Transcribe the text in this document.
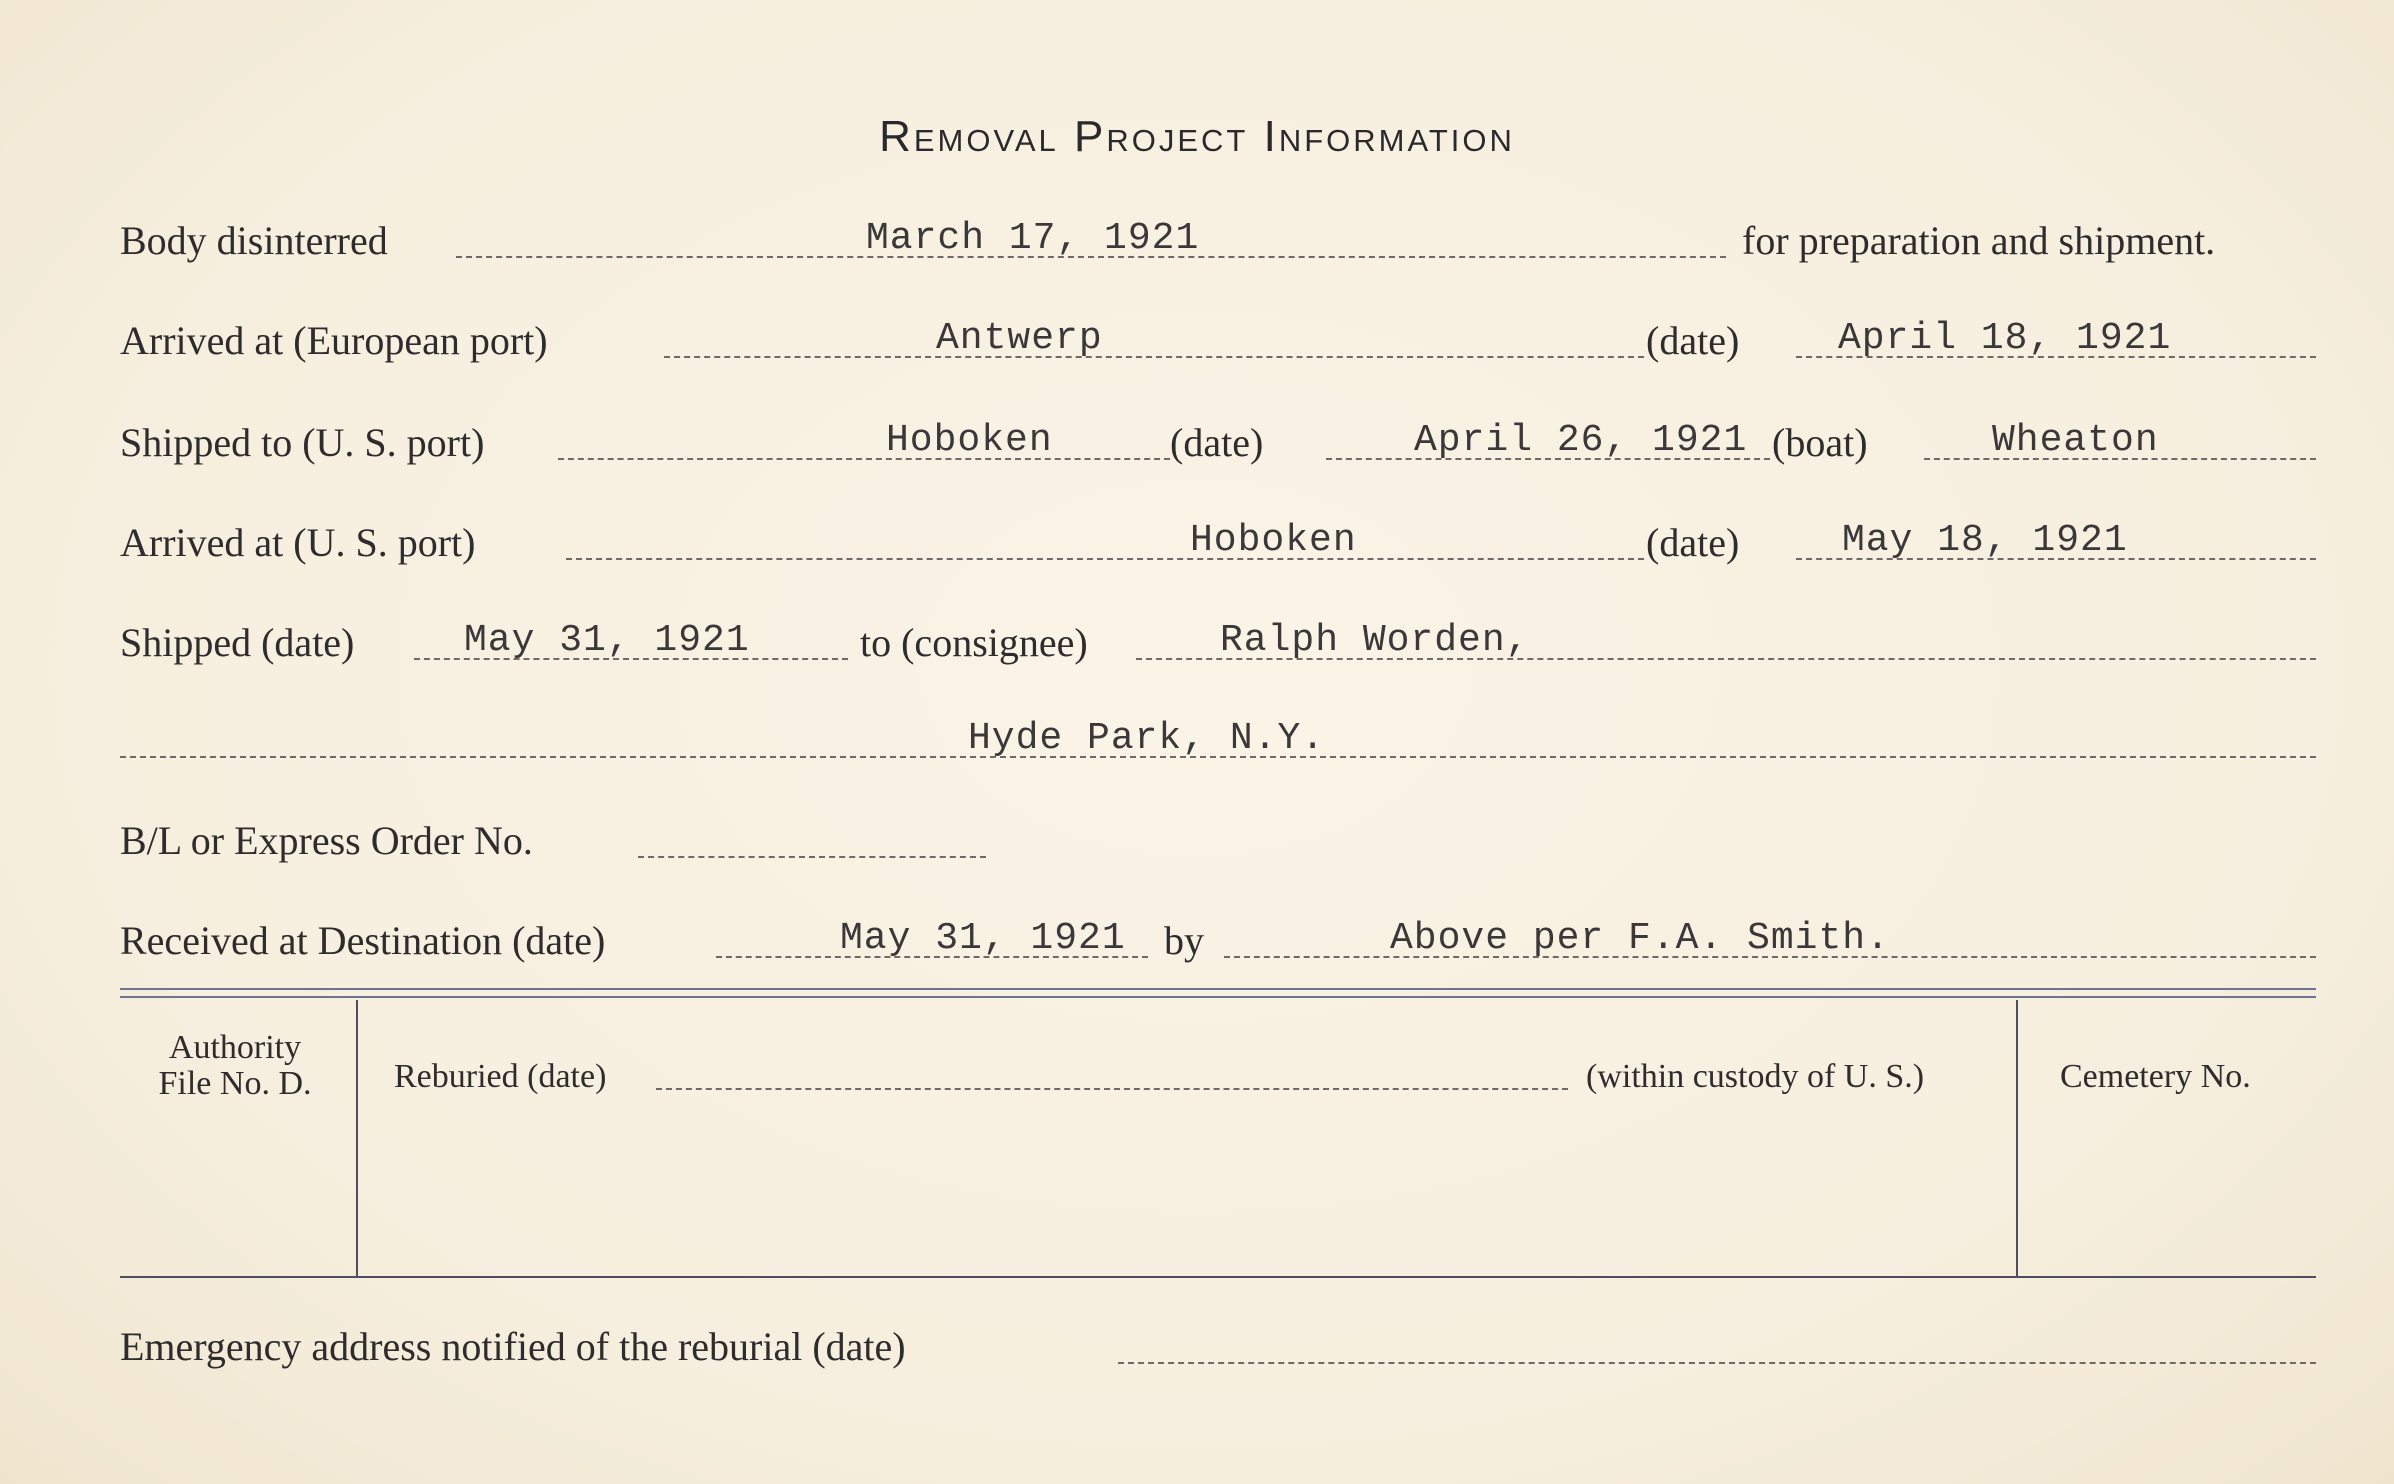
Removal Project Information
Body disinterred	March 17, 1921	for preparation and shipment.
Arrived at (European port)	Antwerp	(date)	April 18, 1921
Shipped to (U. S. port)	Hoboken	(date)	April 26, 1921 (boat)	Wheaton
Arrived at (U. S. port)	Hoboken	(date)	May 18, 1921
Shipped (date)	May 31, 1921	to (consignee)	Ralph Worden,
Hyde Park, N.Y.
B/L or Express Order No.
Received at Destination (date)	May 31, 1921 by	Above per F.A. Smith.
Authority
File No. D.	Reburied (date)	(within custody of U. S.)	Cemetery No.
Emergency address notified of the reburial (date)
